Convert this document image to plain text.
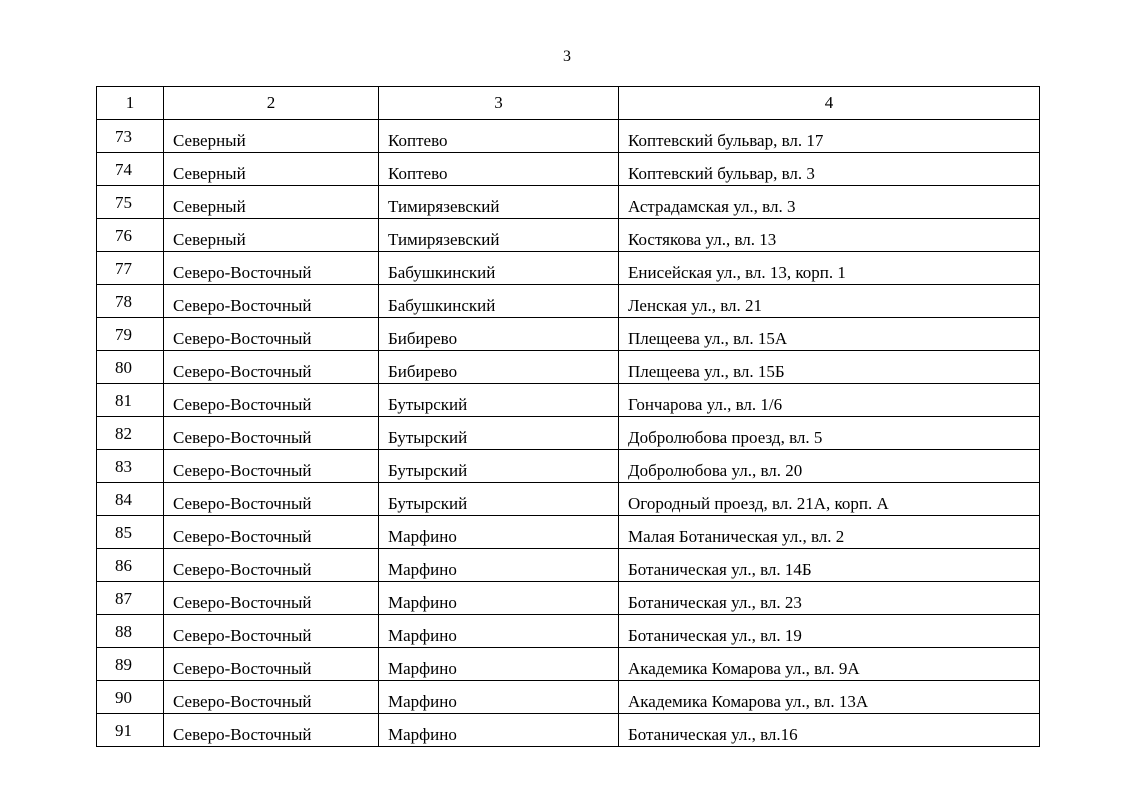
3
1	2	3	4
73	Северный	Коптево	Коптевский бульвар, вл. 17
74	Северный	Коптево	Коптевский бульвар, вл. 3
75	Северный	Тимирязевский	Астрадамская ул., вл. 3
76	Северный	Тимирязевский	Костякова ул., вл. 13
77	Северо-Восточный	Бабушкинский	Енисейская ул., вл. 13, корп. 1
78	Северо-Восточный	Бабушкинский	Ленская ул., вл. 21
79	Северо-Восточный	Бибирево	Плещеева ул., вл. 15А
80	Северо-Восточный	Бибирево	Плещеева ул., вл. 15Б
81	Северо-Восточный	Бутырский	Гончарова ул., вл. 1/6
82	Северо-Восточный	Бутырский	Добролюбова проезд, вл. 5
83	Северо-Восточный	Бутырский	Добролюбова ул., вл. 20
84	Северо-Восточный	Бутырский	Огородный проезд, вл. 21А, корп. А
85	Северо-Восточный	Марфино	Малая Ботаническая ул., вл. 2
86	Северо-Восточный	Марфино	Ботаническая ул., вл. 14Б
87	Северо-Восточный	Марфино	Ботаническая ул., вл. 23
88	Северо-Восточный	Марфино	Ботаническая ул., вл. 19
89	Северо-Восточный	Марфино	Академика Комарова ул., вл. 9А
90	Северо-Восточный	Марфино	Академика Комарова ул., вл. 13А
91	Северо-Восточный	Марфино	Ботаническая ул., вл.16
